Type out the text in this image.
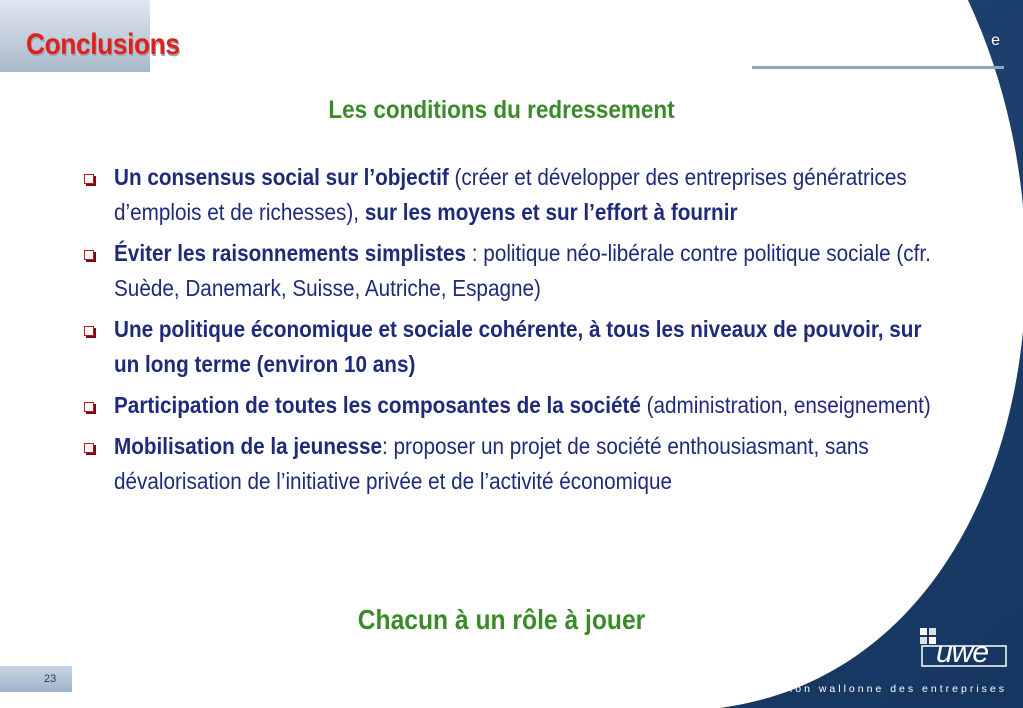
Conclusions	w w w . u w e . b e
Les conditions du redressement
Un consensus social sur l’objectif (créer et développer des entreprises génératrices d’emplois et de richesses), sur les moyens et sur l’effort à fournir
Éviter les raisonnements simplistes : politique néo-libérale contre politique sociale (cfr. Suède, Danemark, Suisse, Autriche, Espagne)
Une politique économique et sociale cohérente, à tous les niveaux de pouvoir, sur un long terme (environ 10 ans)
Participation de toutes les composantes de la société (administration, enseignement)
Mobilisation de la jeunesse: proposer un projet de société enthousiasmant, sans dévalorisation de l’initiative privée et de l’activité économique
Chacun à un rôle à jouer
23
uwe
union wallonne des entreprises
